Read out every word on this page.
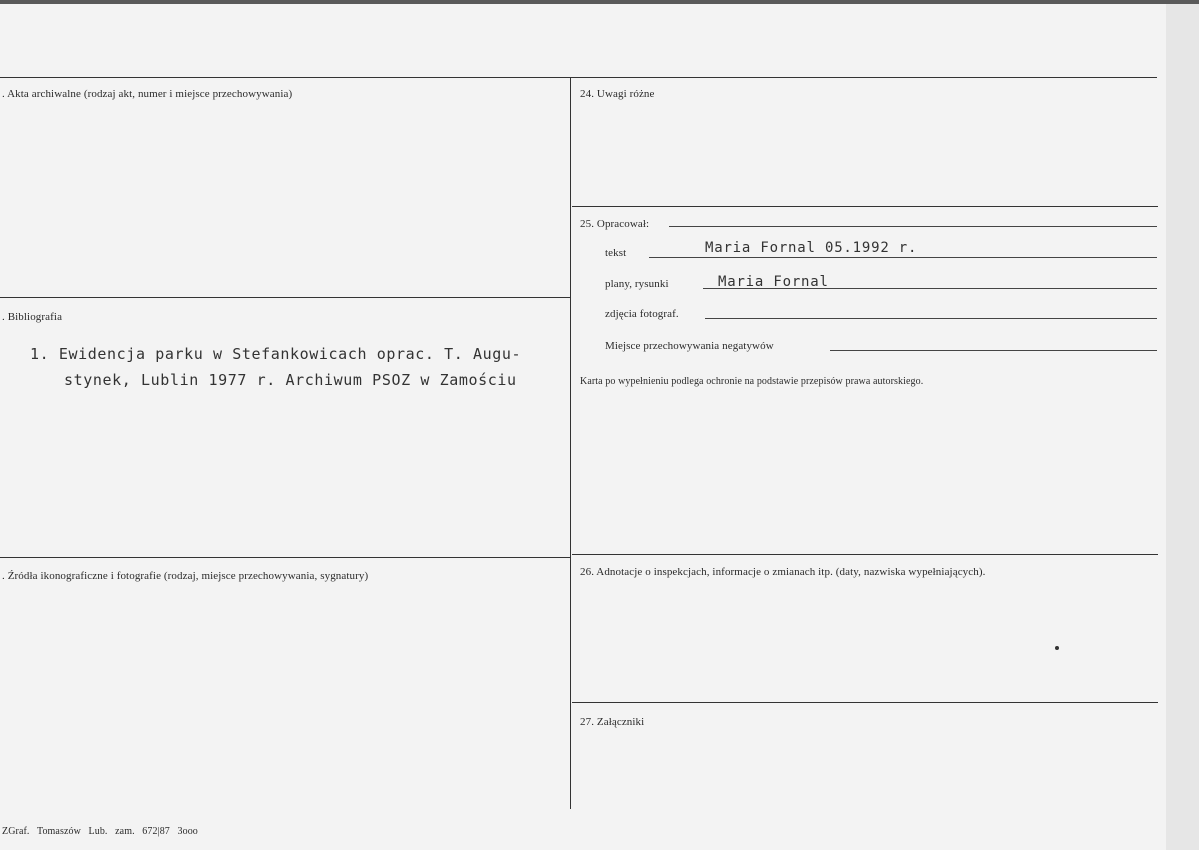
. Akta archiwalne (rodzaj akt, numer i miejsce przechowywania)
. Bibliografia
1. Ewidencja parku w Stefankowicach oprac. T. Augu-
stynek, Lublin 1977 r. Archiwum PSOZ w Zamościu
. Źródła ikonograficzne i fotografie (rodzaj, miejsce przechowywania, sygnatury)
24. Uwagi różne
25. Opracował:
tekst	Maria Fornal 05.1992 r.
plany, rysunki	Maria Fornal
zdjęcia fotograf.
Miejsce przechowywania negatywów
Karta po wypełnieniu podlega ochronie na podstawie przepisów prawa autorskiego.
26. Adnotacje o inspekcjach, informacje o zmianach itp. (daty, nazwiska wypełniających).
27. Załączniki
ZGraf. Tomaszów Lub. zam. 672|87 3ooo
